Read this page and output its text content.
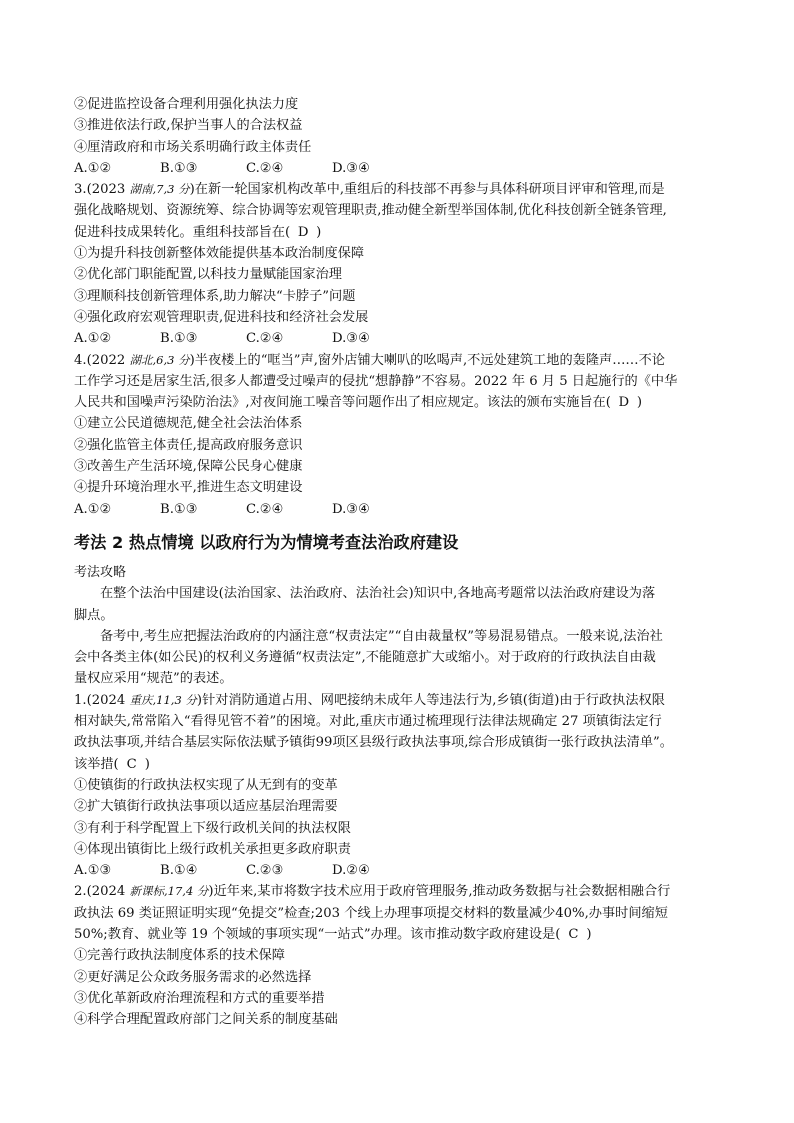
②促进监控设备合理利用强化执法力度
③推进依法行政,保护当事人的合法权益
④厘清政府和市场关系明确行政主体责任
A.①②	B.①③	C.②④	D.③④
3.(2023 湖南,7,3 分)在新一轮国家机构改革中,重组后的科技部不再参与具体科研项目评审和管理,而是
强化战略规划、资源统筹、综合协调等宏观管理职责,推动健全新型举国体制,优化科技创新全链条管理,
促进科技成果转化。重组科技部旨在( D )
①为提升科技创新整体效能提供基本政治制度保障
②优化部门职能配置,以科技力量赋能国家治理
③理顺科技创新管理体系,助力解决“卡脖子”问题
④强化政府宏观管理职责,促进科技和经济社会发展
A.①②	B.①③	C.②④	D.③④
4.(2022 湖北,6,3 分)半夜楼上的“哐当”声,窗外店铺大喇叭的吆喝声,不远处建筑工地的轰隆声……不论
工作学习还是居家生活,很多人都遭受过噪声的侵扰“想静静”不容易。2022 年 6 月 5 日起施行的《中华
人民共和国噪声污染防治法》,对夜间施工噪音等问题作出了相应规定。该法的颁布实施旨在( D )
①建立公民道德规范,健全社会法治体系
②强化监管主体责任,提高政府服务意识
③改善生产生活环境,保障公民身心健康
④提升环境治理水平,推进生态文明建设
A.①②	B.①③	C.②④	D.③④
考法 2 热点情境 以政府行为为情境考查法治政府建设
考法攻略
在整个法治中国建设(法治国家、法治政府、法治社会)知识中,各地高考题常以法治政府建设为落
脚点。
备考中,考生应把握法治政府的内涵注意“权责法定”“自由裁量权”等易混易错点。一般来说,法治社
会中各类主体(如公民)的权利义务遵循“权责法定”,不能随意扩大或缩小。对于政府的行政执法自由裁
量权应采用“规范”的表述。
1.(2024 重庆,11,3 分)针对消防通道占用、网吧接纳未成年人等违法行为,乡镇(街道)由于行政执法权限
相对缺失,常常陷入“看得见管不着”的困境。对此,重庆市通过梳理现行法律法规确定 27 项镇街法定行
政执法事项,并结合基层实际依法赋予镇街99项区县级行政执法事项,综合形成镇街一张行政执法清单”。
该举措( C )
①使镇街的行政执法权实现了从无到有的变革
②扩大镇街行政执法事项以适应基层治理需要
③有利于科学配置上下级行政机关间的执法权限
④体现出镇街比上级行政机关承担更多政府职责
A.①③	B.①④	C.②③	D.②④
2.(2024 新课标,17,4 分)近年来,某市将数字技术应用于政府管理服务,推动政务数据与社会数据相融合行
政执法 69 类证照证明实现“免提交”检查;203 个线上办理事项提交材料的数量减少40%,办事时间缩短
50%;教育、就业等 19 个领域的事项实现“一站式”办理。该市推动数字政府建设是( C )
①完善行政执法制度体系的技术保障
②更好满足公众政务服务需求的必然选择
③优化革新政府治理流程和方式的重要举措
④科学合理配置政府部门之间关系的制度基础
